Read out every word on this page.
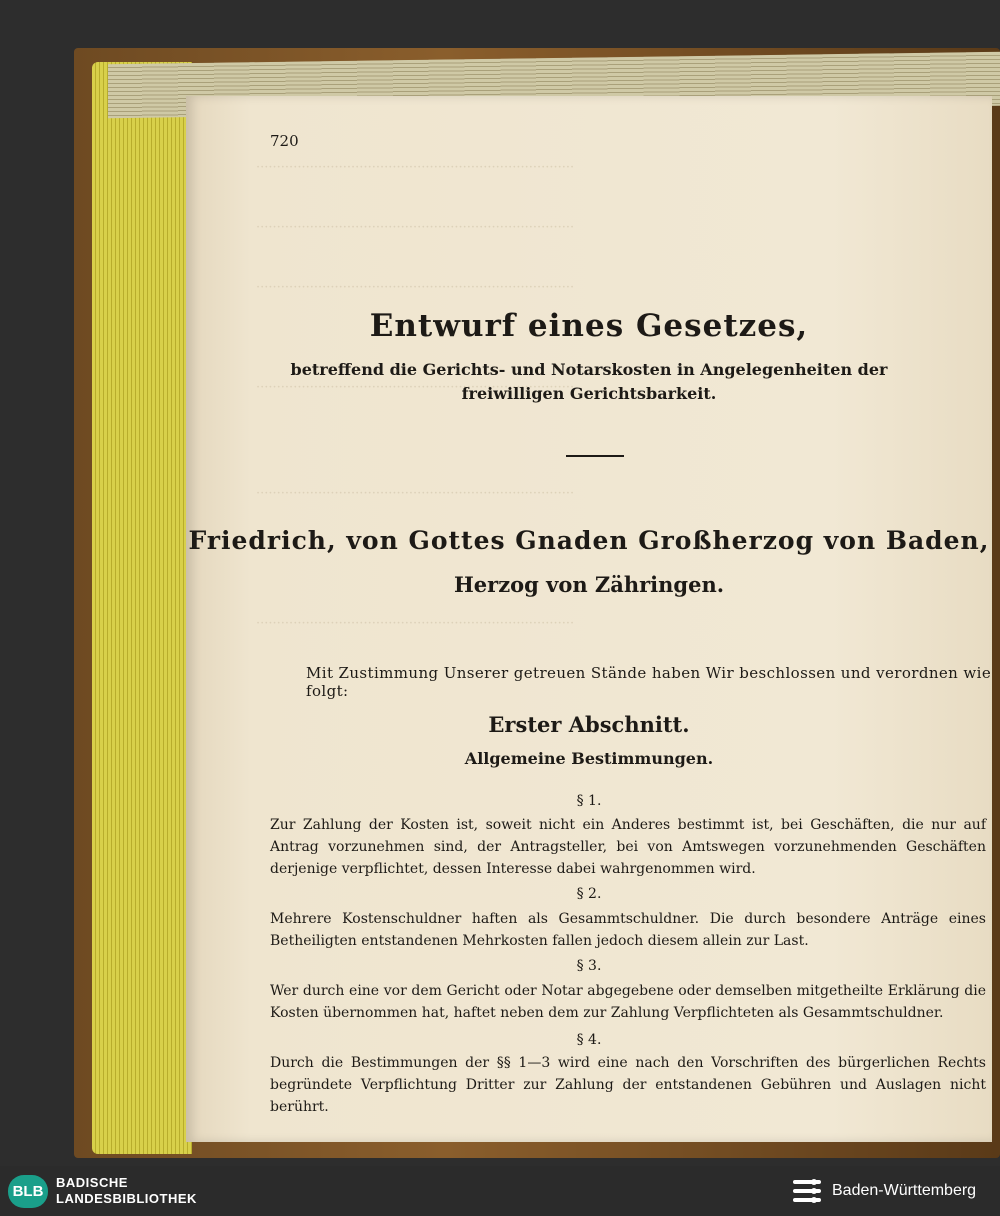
·············································································
·············································································
·············································································
·············································································
·············································································
·············································································
720
Entwurf eines Gesetzes,
betreffend die Gerichts- und Notarskosten in Angelegenheiten der freiwilligen Gerichtsbarkeit.
Friedrich, von Gottes Gnaden Großherzog von Baden,
Herzog von Zähringen.
Mit Zustimmung Unserer getreuen Stände haben Wir beschlossen und verordnen wie folgt:
Erster Abschnitt.
Allgemeine Bestimmungen.
§ 1.
Zur Zahlung der Kosten ist, soweit nicht ein Anderes bestimmt ist, bei Geschäften, die nur auf Antrag vorzunehmen sind, der Antragsteller, bei von Amtswegen vorzunehmenden Geschäften derjenige verpflichtet, dessen Interesse dabei wahrgenommen wird.
§ 2.
Mehrere Kostenschuldner haften als Gesammtschuldner. Die durch besondere Anträge eines Betheiligten entstandenen Mehrkosten fallen jedoch diesem allein zur Last.
§ 3.
Wer durch eine vor dem Gericht oder Notar abgegebene oder demselben mitgetheilte Erklärung die Kosten übernommen hat, haftet neben dem zur Zahlung Verpflichteten als Gesammtschuldner.
§ 4.
Durch die Bestimmungen der §§ 1—3 wird eine nach den Vorschriften des bürgerlichen Rechts begründete Verpflichtung Dritter zur Zahlung der entstandenen Gebühren und Auslagen nicht berührt.
BLB
BADISCHE
LANDESBIBLIOTHEK	Baden-Württemberg
